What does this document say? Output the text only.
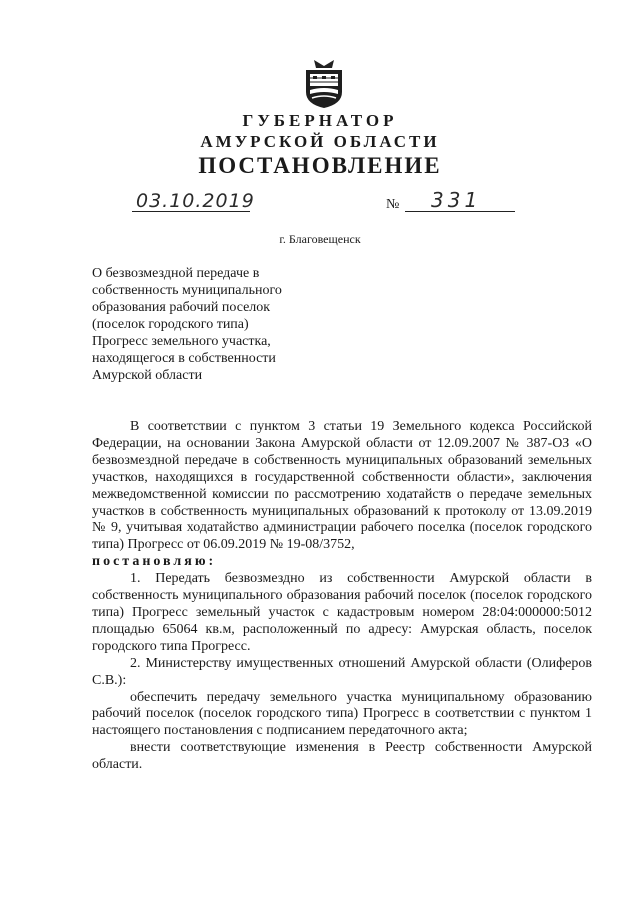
ГУБЕРНАТОР
АМУРСКОЙ ОБЛАСТИ
ПОСТАНОВЛЕНИЕ
03.10.2019	№ 331
г. Благовещенск
О безвозмездной передаче в
собственность муниципального
образования рабочий поселок
(поселок городского типа)
Прогресс земельного участка,
находящегося в собственности
Амурской области

В соответствии с пунктом 3 статьи 19 Земельного кодекса Российской Федерации, на основании Закона Амурской области от 12.09.2007 № 387-ОЗ «О безвозмездной передаче в собственность муниципальных образований земельных участков, находящихся в государственной собственности области», заключения межведомственной комиссии по рассмотрению ходатайств о передаче земельных участков в собственность муниципальных образований к протоколу от 13.09.2019 № 9, учитывая ходатайство администрации рабочего поселка (поселок городского типа) Прогресс от 06.09.2019 № 19-08/3752,

постановляю:

1. Передать безвозмездно из собственности Амурской области в собственность муниципального образования рабочий поселок (поселок городского типа) Прогресс земельный участок с кадастровым номером 28:04:000000:5012 площадью 65064 кв.м, расположенный по адресу: Амурская область, поселок городского типа Прогресс.

2. Министерству имущественных отношений Амурской области (Олиферов С.В.):

обеспечить передачу земельного участка муниципальному образованию рабочий поселок (поселок городского типа) Прогресс в соответствии с пунктом 1 настоящего постановления с подписанием передаточного акта;

внести соответствующие изменения в Реестр собственности Амурской области.
